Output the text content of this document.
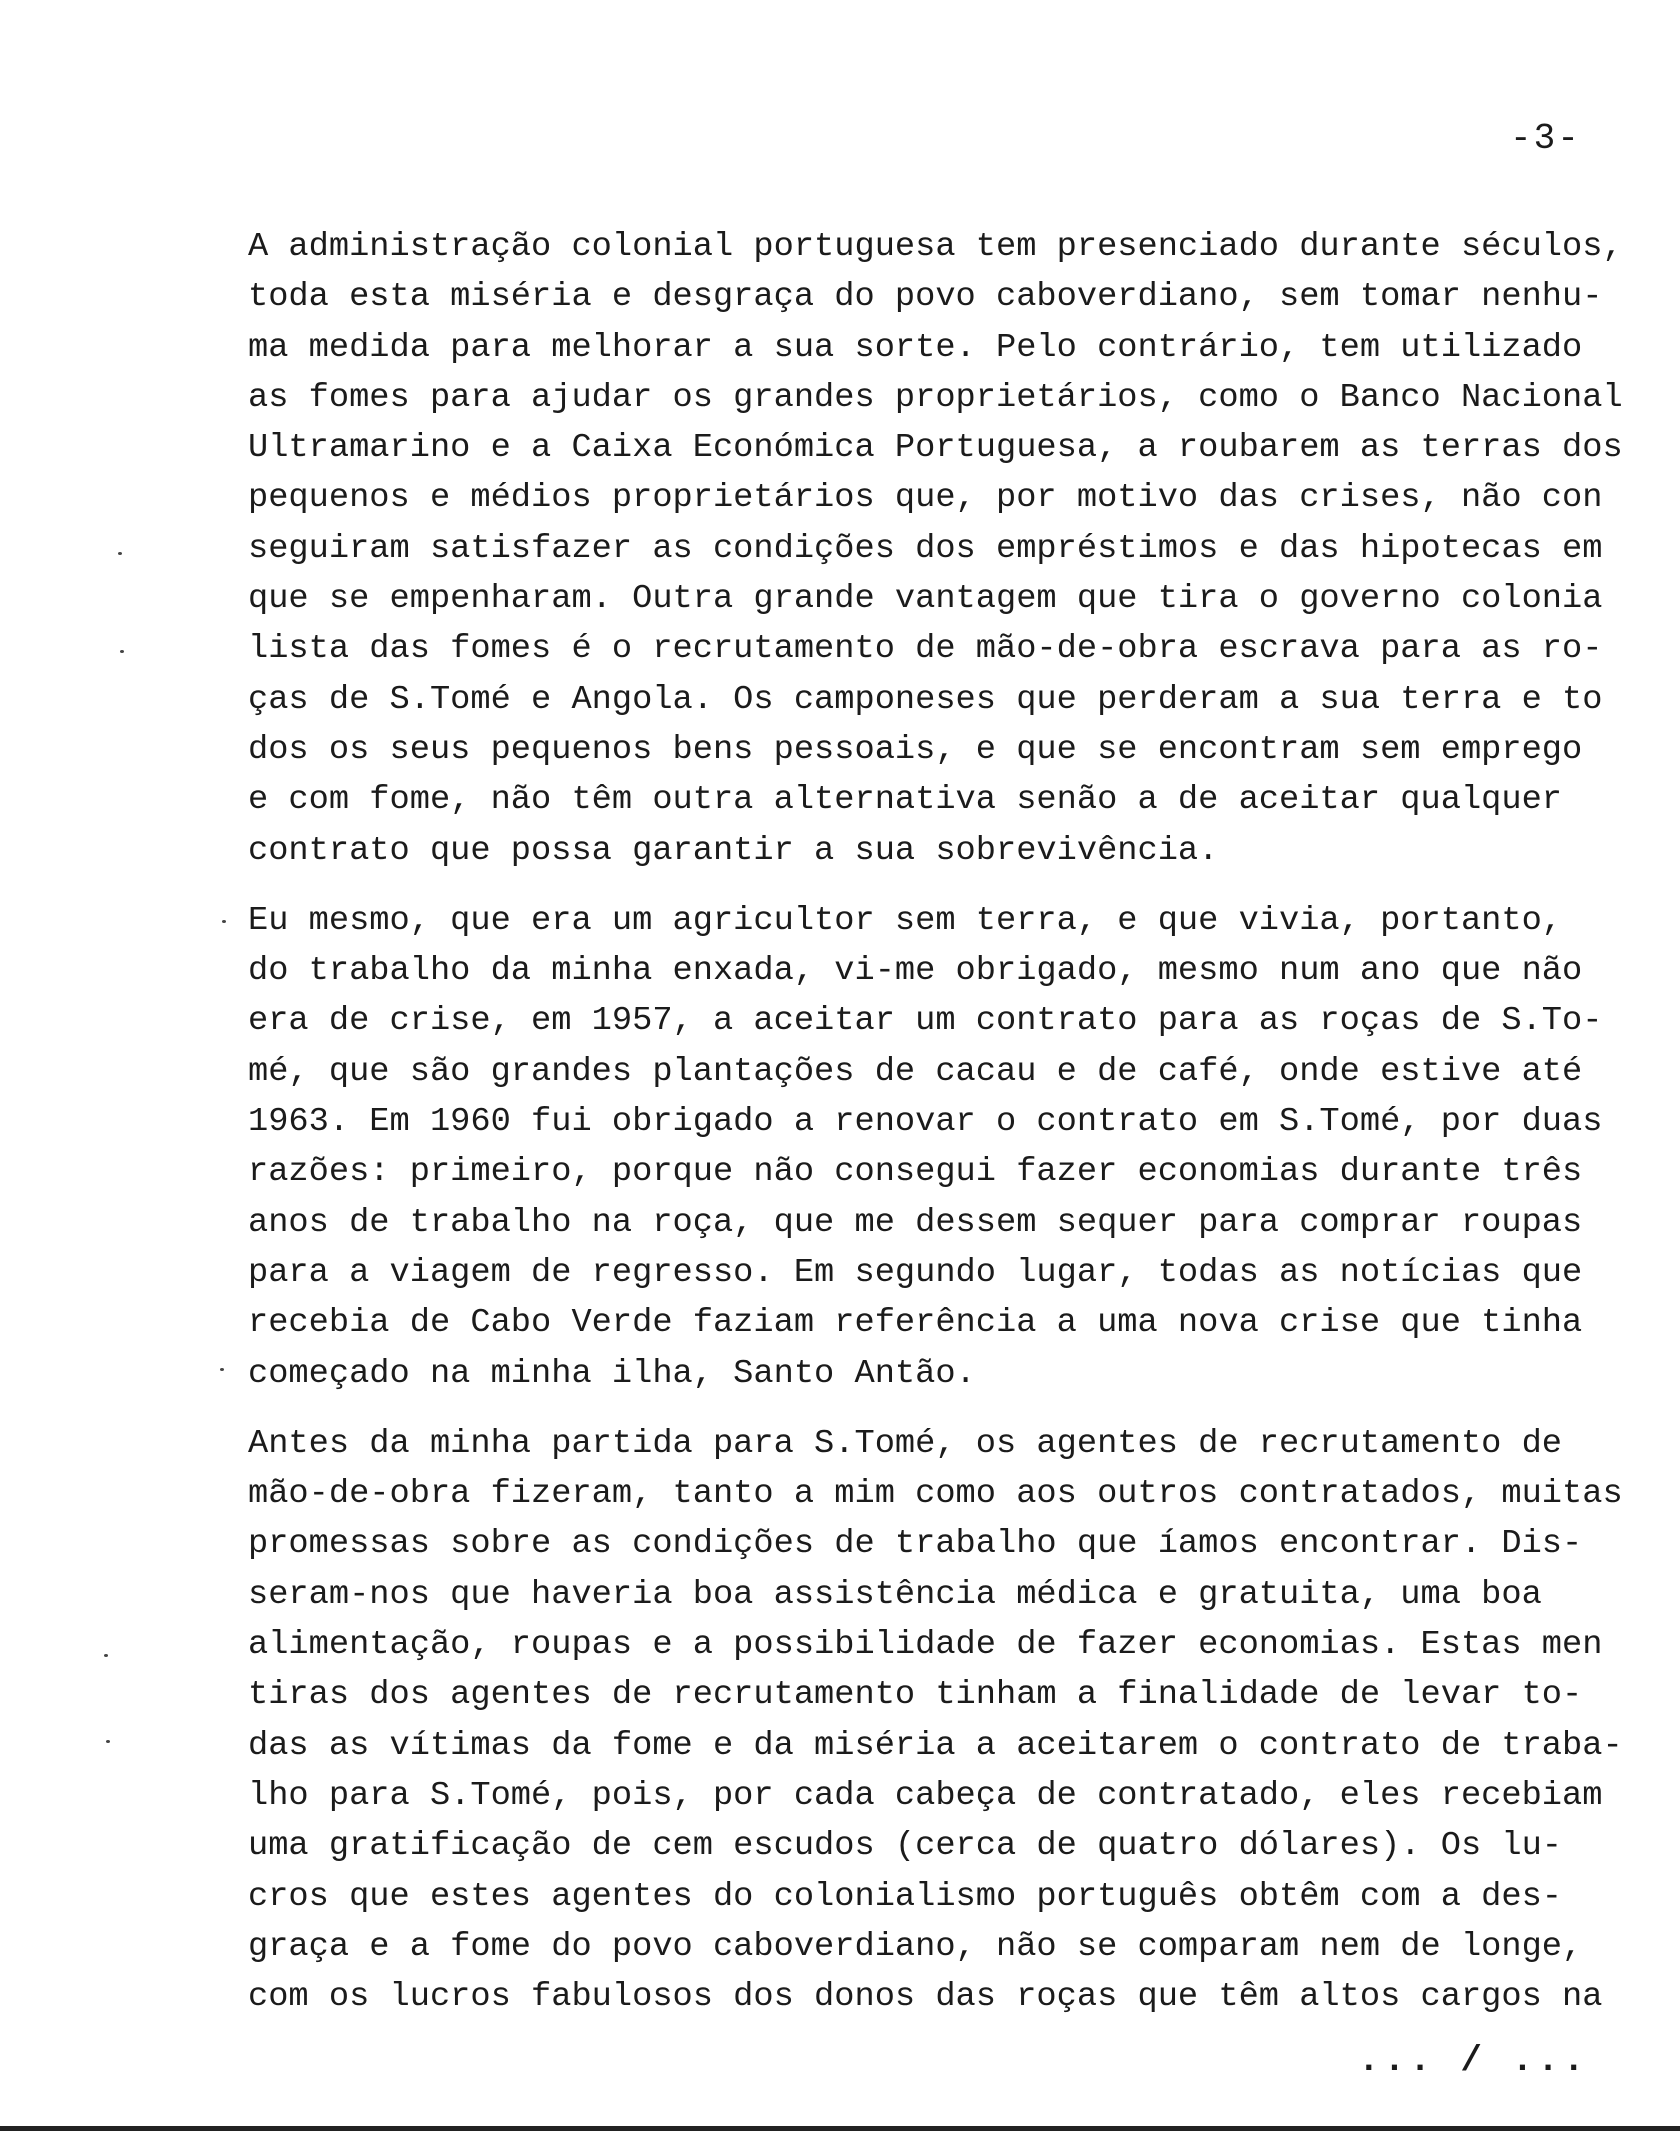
-3-
A administração colonial portuguesa tem presenciado durante séculos,
toda esta miséria e desgraça do povo caboverdiano, sem tomar nenhu-
ma medida para melhorar a sua sorte. Pelo contrário, tem utilizado
as fomes para ajudar os grandes proprietários, como o Banco Nacional
Ultramarino e a Caixa Económica Portuguesa, a roubarem as terras dos
pequenos e médios proprietários que, por motivo das crises, não con
seguiram satisfazer as condições dos empréstimos e das hipotecas em
que se empenharam. Outra grande vantagem que tira o governo colonia
lista das fomes é o recrutamento de mão-de-obra escrava para as ro-
ças de S.Tomé e Angola. Os camponeses que perderam a sua terra e to
dos os seus pequenos bens pessoais, e que se encontram sem emprego
e com fome, não têm outra alternativa senão a de aceitar qualquer
contrato que possa garantir a sua sobrevivência.
Eu mesmo, que era um agricultor sem terra, e que vivia, portanto,
do trabalho da minha enxada, vi-me obrigado, mesmo num ano que não
era de crise, em 1957, a aceitar um contrato para as roças de S.To-
mé, que são grandes plantações de cacau e de café, onde estive até
1963. Em 1960 fui obrigado a renovar o contrato em S.Tomé, por duas
razões: primeiro, porque não consegui fazer economias durante três
anos de trabalho na roça, que me dessem sequer para comprar roupas
para a viagem de regresso. Em segundo lugar, todas as notícias que
recebia de Cabo Verde faziam referência a uma nova crise que tinha
começado na minha ilha, Santo Antão.
Antes da minha partida para S.Tomé, os agentes de recrutamento de
mão-de-obra fizeram, tanto a mim como aos outros contratados, muitas
promessas sobre as condições de trabalho que íamos encontrar. Dis-
seram-nos que haveria boa assistência médica e gratuita, uma boa
alimentação, roupas e a possibilidade de fazer economias. Estas men
tiras dos agentes de recrutamento tinham a finalidade de levar to-
das as vítimas da fome e da miséria a aceitarem o contrato de traba-
lho para S.Tomé, pois, por cada cabeça de contratado, eles recebiam
uma gratificação de cem escudos (cerca de quatro dólares). Os lu-
cros que estes agentes do colonialismo português obtêm com a des-
graça e a fome do povo caboverdiano, não se comparam nem de longe,
com os lucros fabulosos dos donos das roças que têm altos cargos na
... / ...
